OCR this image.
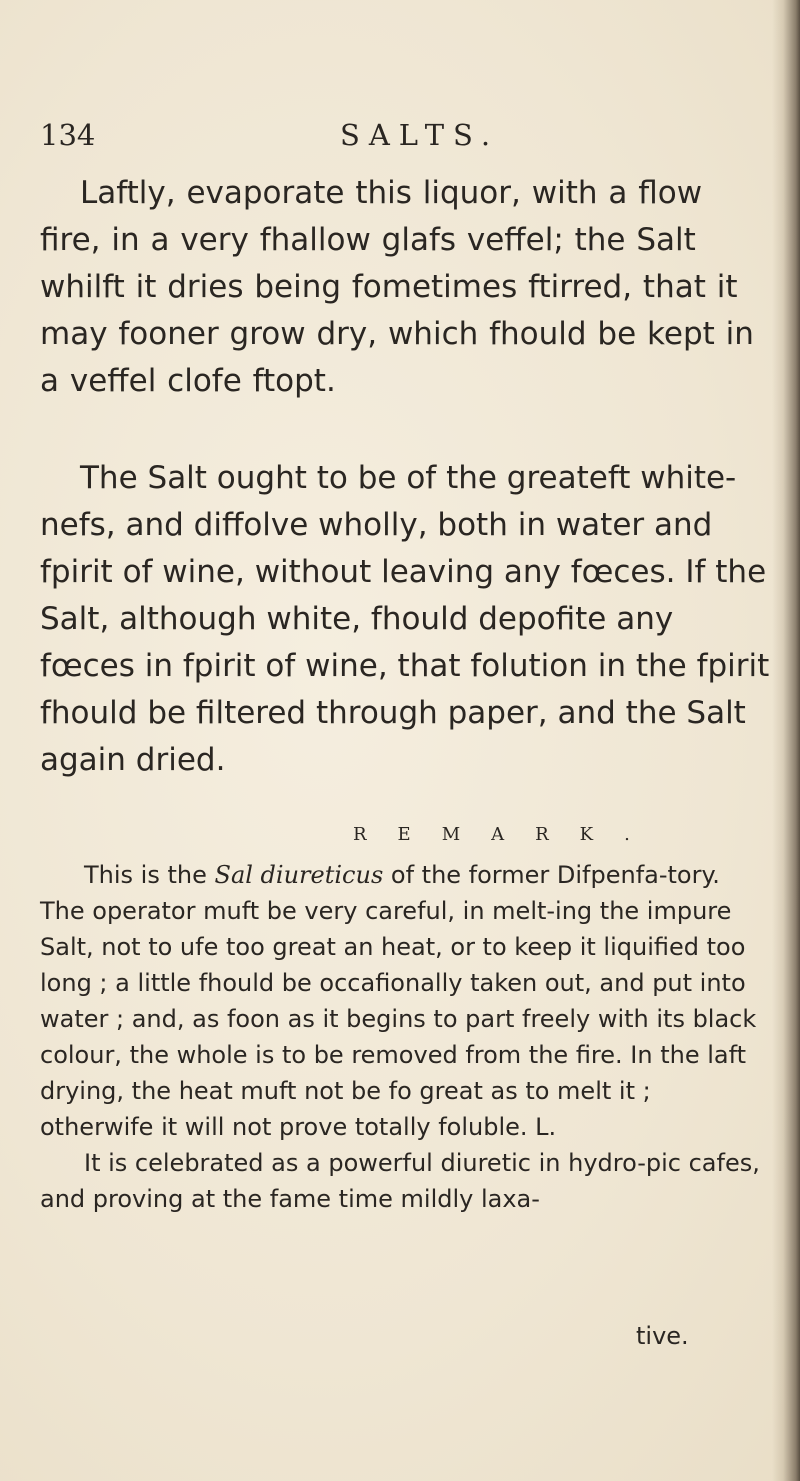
134	SALTS.

Laftly, evaporate this liquor, with a flow fire, in a very fhallow glafs veffel; the Salt whilft it dries being fometimes ftirred, that it may fooner grow dry, which fhould be kept in a veffel clofe ftopt.

The Salt ought to be of the greateft white-nefs, and diffolve wholly, both in water and fpirit of wine, without leaving any fœces. If the Salt, although white, fhould depofite any fœces in fpirit of wine, that folution in the fpirit fhould be filtered through paper, and the Salt again dried.

REMARK.

This is the Sal diureticus of the former Difpenfa-tory. The operator muft be very careful, in melt-ing the impure Salt, not to ufe too great an heat, or to keep it liquified too long ; a little fhould be occafionally taken out, and put into water ; and, as foon as it begins to part freely with its black colour, the whole is to be removed from the fire. In the laft drying, the heat muft not be fo great as to melt it ; otherwife it will not prove totally foluble. L.

It is celebrated as a powerful diuretic in hydro-pic cafes, and proving at the fame time mildly laxa-

tive.
